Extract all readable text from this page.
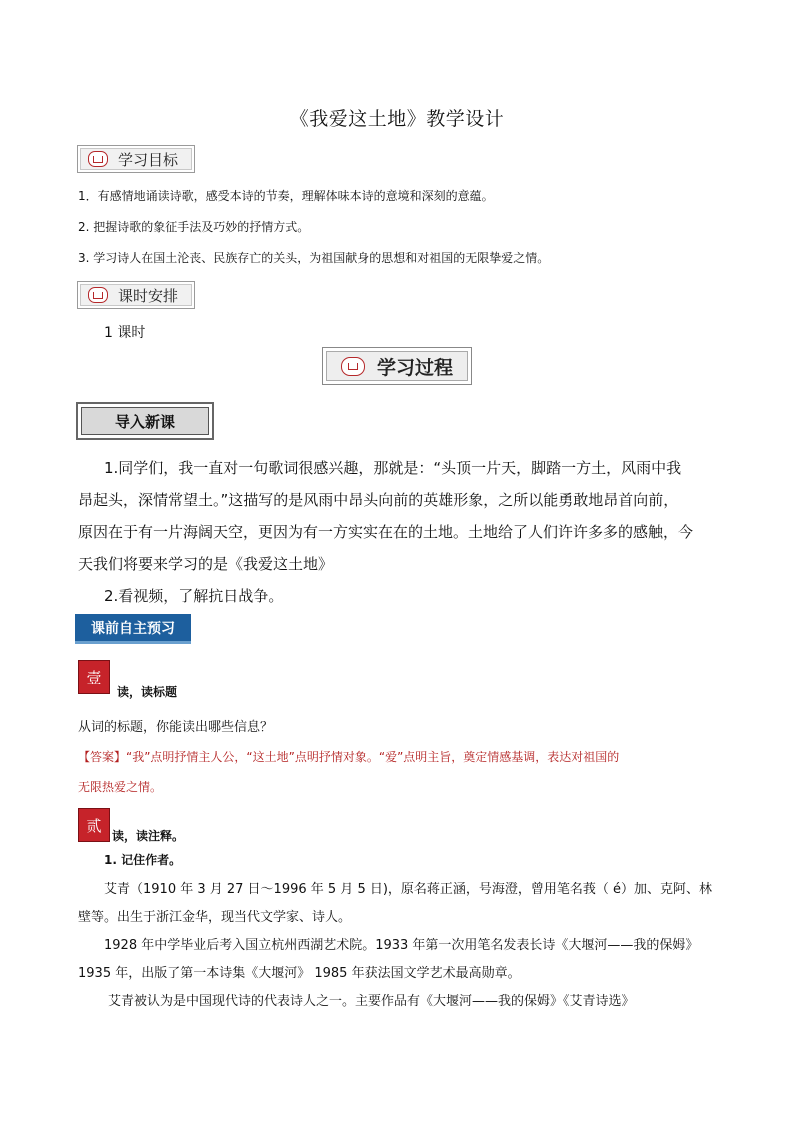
《我爱这土地》教学设计
学习目标
1．有感情地诵读诗歌，感受本诗的节奏，理解体味本诗的意境和深刻的意蕴。
2. 把握诗歌的象征手法及巧妙的抒情方式。
3. 学习诗人在国土沦丧、民族存亡的关头，为祖国献身的思想和对祖国的无限挚爱之情。
课时安排
1 课时
学习过程
导入新课
1.同学们，我一直对一句歌词很感兴趣，那就是：“头顶一片天，脚踏一方土，风雨中我
昂起头，深情常望土。”这描写的是风雨中昂头向前的英雄形象，之所以能勇敢地昂首向前，
原因在于有一片海阔天空，更因为有一方实实在在的土地。土地给了人们许许多多的感触，今
天我们将要来学习的是《我爱这土地》
2.看视频，了解抗日战争。
课前自主预习
壹
读，读标题
从词的标题，你能读出哪些信息？
【答案】“我”点明抒情主人公，“这土地”点明抒情对象。“爱”点明主旨，奠定情感基调，表达对祖国的
无限热爱之情。
贰
读，读注释。
1. 记住作者。
艾青（1910 年 3 月 27 日～1996 年 5 月 5 日)，原名蒋正涵，号海澄，曾用笔名莪（ é）加、克阿、林
壁等。出生于浙江金华，现当代文学家、诗人。
1928 年中学毕业后考入国立杭州西湖艺术院。1933 年第一次用笔名发表长诗《大堰河——我的保姆》
1935 年，出版了第一本诗集《大堰河》 1985 年获法国文学艺术最高勋章。
艾青被认为是中国现代诗的代表诗人之一。主要作品有《大堰河——我的保姆》《艾青诗选》
